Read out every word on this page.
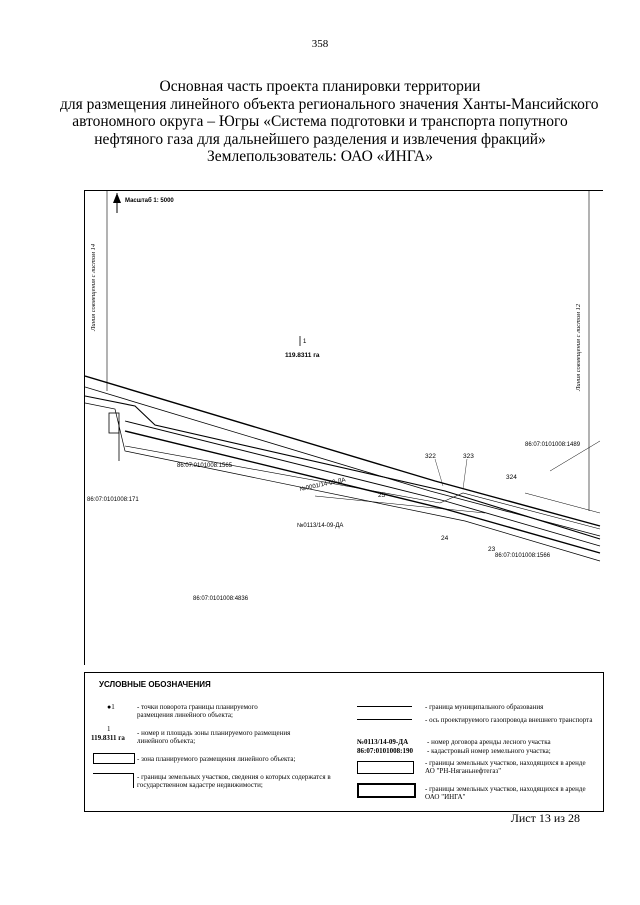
358
Основная часть проекта планировки территории
для размещения линейного объекта регионального значения Ханты-Мансийского
автономного округа – Югры «Система подготовки и транспорта попутного
нефтяного газа для дальнейшего разделения и извлечения фракций»
Землепользователь: ОАО «ИНГА»
Масштаб 1: 5000
Линия совмещения с листом 14
Линия совмещения с листом 12
1
119.8311 га
86:07:0101008:1489
86:07:0101008:1565
86:07:0101008:171
86:07:0101008:1566
86:07:0101008:4836
№0001/14-09-ДА
№0113/14-09-ДА
322	323
324
25
24
23
УСЛОВНЫЕ ОБОЗНАЧЕНИЯ
●1	- точки поворота границы планируемого размещения линейного объекта;
1
119.8311 га
- номер и площадь зоны планируемого размещения линейного объекта;
- зона планируемого размещения линейного объекта;
- границы земельных участков, сведения о которых содержатся в государственном кадастре недвижимости;
- граница муниципального образования
- ось проектируемого газопровода внешнего транспорта
№0113/14-09-ДА	- номер договора аренды лесного участка
86:07:0101008:190 - кадастровый номер земельного участка;
- границы земельных участков, находящихся в аренде АО "РН-Няганьнефтегаз"
- границы земельных участков, находящихся в аренде ОАО "ИНГА"
Лист 13 из 28
